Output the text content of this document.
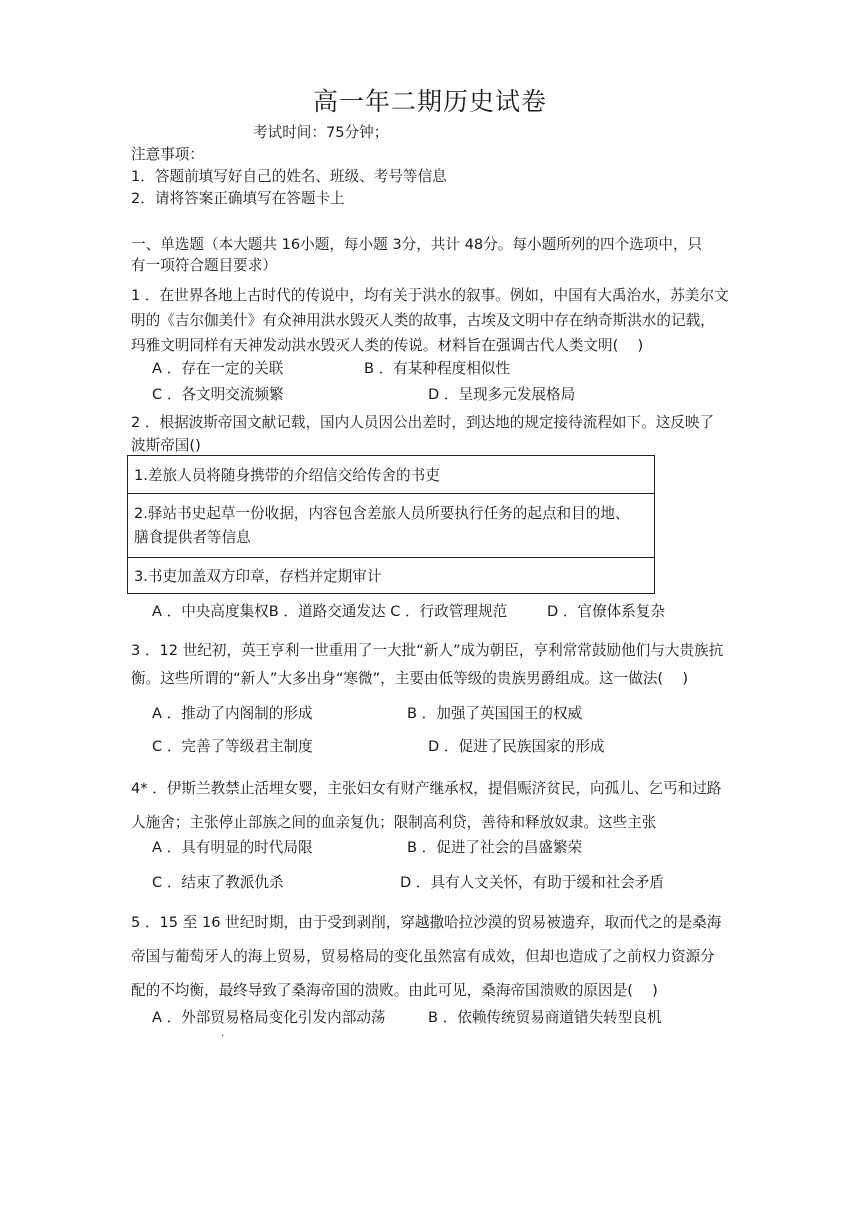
高一年二期历史试卷
考试时间：75分钟；
注意事项：
1．答题前填写好自己的姓名、班级、考号等信息
2．请将答案正确填写在答题卡上
一、单选题（本大题共 16小题，每小题 3分，共计 48分。每小题所列的四个选项中，只
有一项符合题目要求）
1 ．在世界各地上古时代的传说中，均有关于洪水的叙事。例如，中国有大禹治水，苏美尔文
明的《吉尔伽美什》有众神用洪水毁灭人类的故事，古埃及文明中存在纳奇斯洪水的记载，
玛雅文明同样有天神发动洪水毁灭人类的传说。材料旨在强调古代人类文明(　 )
A ．存在一定的关联	B ．有某种程度相似性
C ．各文明交流频繁	D ．呈现多元发展格局
2 ．根据波斯帝国文献记载，国内人员因公出差时，到达地的规定接待流程如下。这反映了
波斯帝国()
1.差旅人员将随身携带的介绍信交给传舍的书吏

2.驿站书史起草一份收据，内容包含差旅人员所要执行任务的起点和目的地、
膳食提供者等信息

3.书吏加盖双方印章，存档并定期审计
A ．中央高度集权B ．道路交通发达 C ．行政管理规范	D ．官僚体系复杂
3 ．12 世纪初，英王亨利一世重用了一大批“新人”成为朝臣，亨利常常鼓励他们与大贵族抗
衡。这些所谓的“新人”大多出身“寒微”，主要由低等级的贵族男爵组成。这一做法(　 )
A ．推动了内阁制的形成	B ．加强了英国国王的权威
C ．完善了等级君主制度	D ．促进了民族国家的形成
4* ．伊斯兰教禁止活埋女婴，主张妇女有财产继承权，提倡赈济贫民，向孤儿、乞丐和过路
人施舍；主张停止部族之间的血亲复仇；限制高利贷，善待和释放奴隶。这些主张
A ．具有明显的时代局限	B ．促进了社会的昌盛繁荣
C ．结束了教派仇杀	D ．具有人文关怀，有助于缓和社会矛盾
5 ．15 至 16 世纪时期，由于受到剥削，穿越撒哈拉沙漠的贸易被遗弃，取而代之的是桑海
帝国与葡萄牙人的海上贸易，贸易格局的变化虽然富有成效，但却也造成了之前权力资源分
配的不均衡，最终导致了桑海帝国的溃败。由此可见，桑海帝国溃败的原因是(　 )
A ．外部贸易格局变化引发内部动荡	B ．依赖传统贸易商道错失转型良机
.
